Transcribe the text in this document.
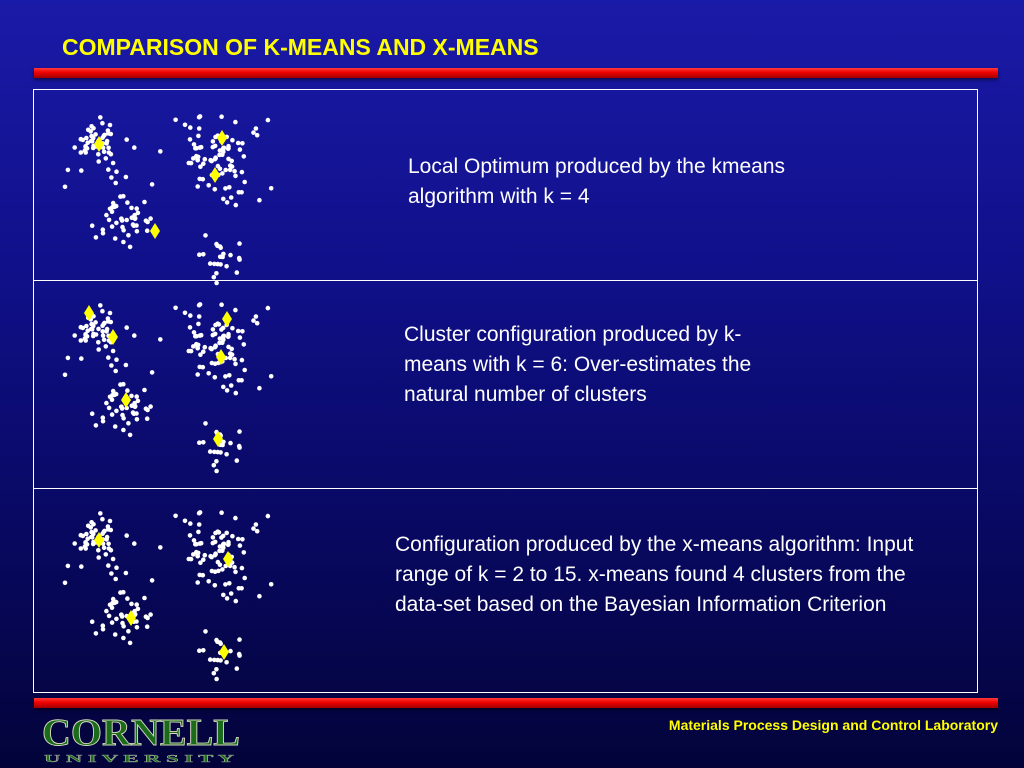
COMPARISON OF K-MEANS AND X-MEANS
Local Optimum produced by the kmeans algorithm with k = 4
Cluster configuration produced by k-means with k = 6: Over-estimates the natural number of clusters
Configuration produced by the x-means algorithm: Input range of k = 2 to 15. x-means found 4 clusters from the data-set based on the Bayesian Information Criterion
CORNELL
U N I V E R S I T Y
Materials Process Design and Control Laboratory
